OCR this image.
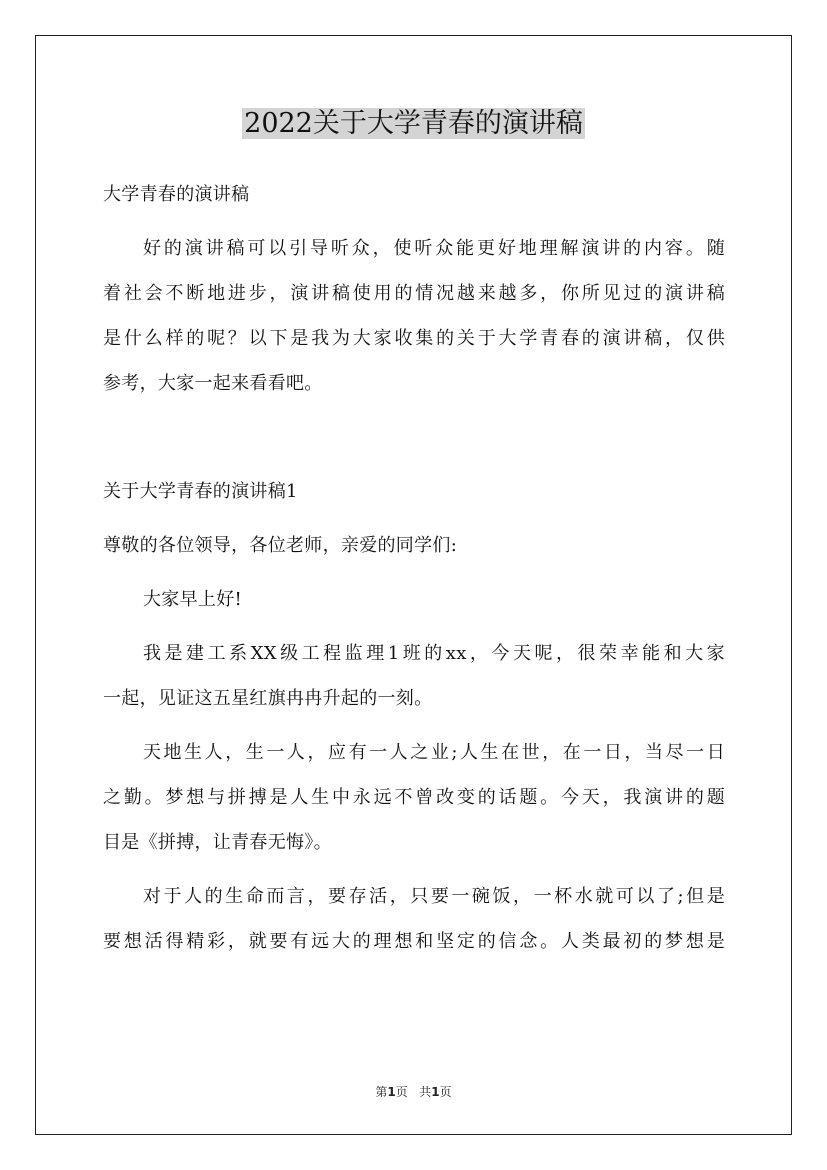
2022关于大学青春的演讲稿
大学青春的演讲稿
好的演讲稿可以引导听众，使听众能更好地理解演讲的内容。随
着社会不断地进步，演讲稿使用的情况越来越多，你所见过的演讲稿
是什么样的呢？以下是我为大家收集的关于大学青春的演讲稿，仅供
参考，大家一起来看看吧。
关于大学青春的演讲稿1
尊敬的各位领导，各位老师，亲爱的同学们:
大家早上好!
我是建工系XX级工程监理1班的xx，今天呢，很荣幸能和大家
一起，见证这五星红旗冉冉升起的一刻。
天地生人，生一人，应有一人之业;人生在世，在一日，当尽一日
之勤。梦想与拼搏是人生中永远不曾改变的话题。今天，我演讲的题
目是《拼搏，让青春无悔》。
对于人的生命而言，要存活，只要一碗饭，一杯水就可以了;但是
要想活得精彩，就要有远大的理想和坚定的信念。人类最初的梦想是
第1页 共1页
